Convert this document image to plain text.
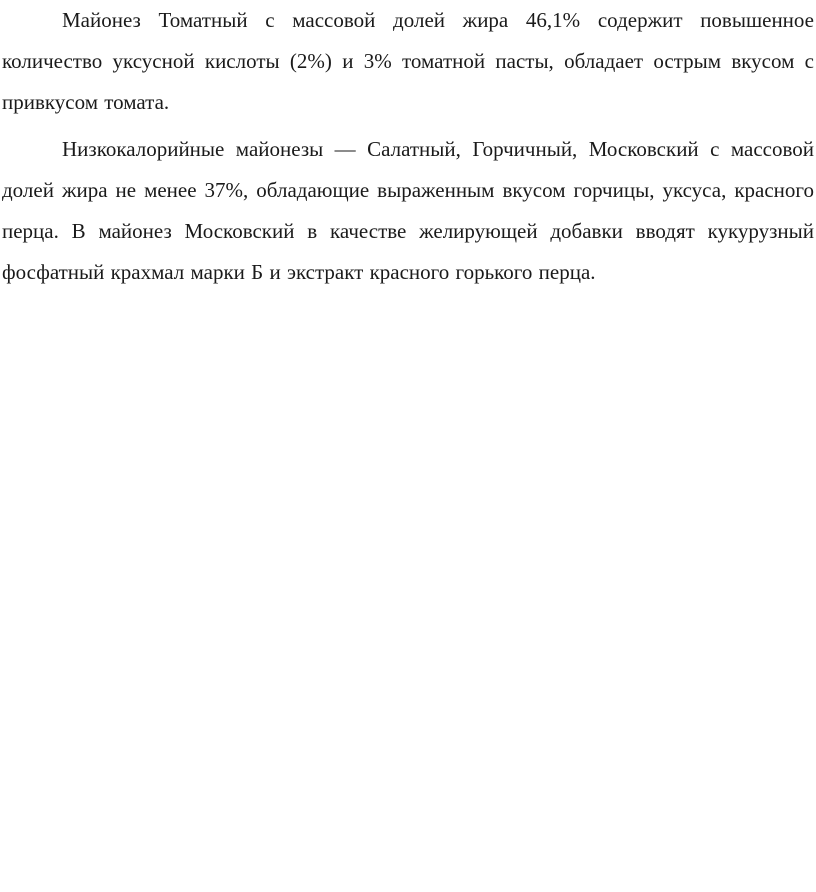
Майонез Томатный с массовой долей жира 46,1% содержит повышенное количество уксусной кислоты (2%) и 3% томатной пасты, обладает острым вкусом с привкусом томата.

Низкокалорийные майонезы — Салатный, Горчичный, Московский с массовой долей жира не менее 37%, обладающие выраженным вкусом горчицы, уксуса, красного перца. В майонез Московский в качестве желирующей добавки вводят кукурузный фосфатный крахмал марки Б и экстракт красного горького перца.
